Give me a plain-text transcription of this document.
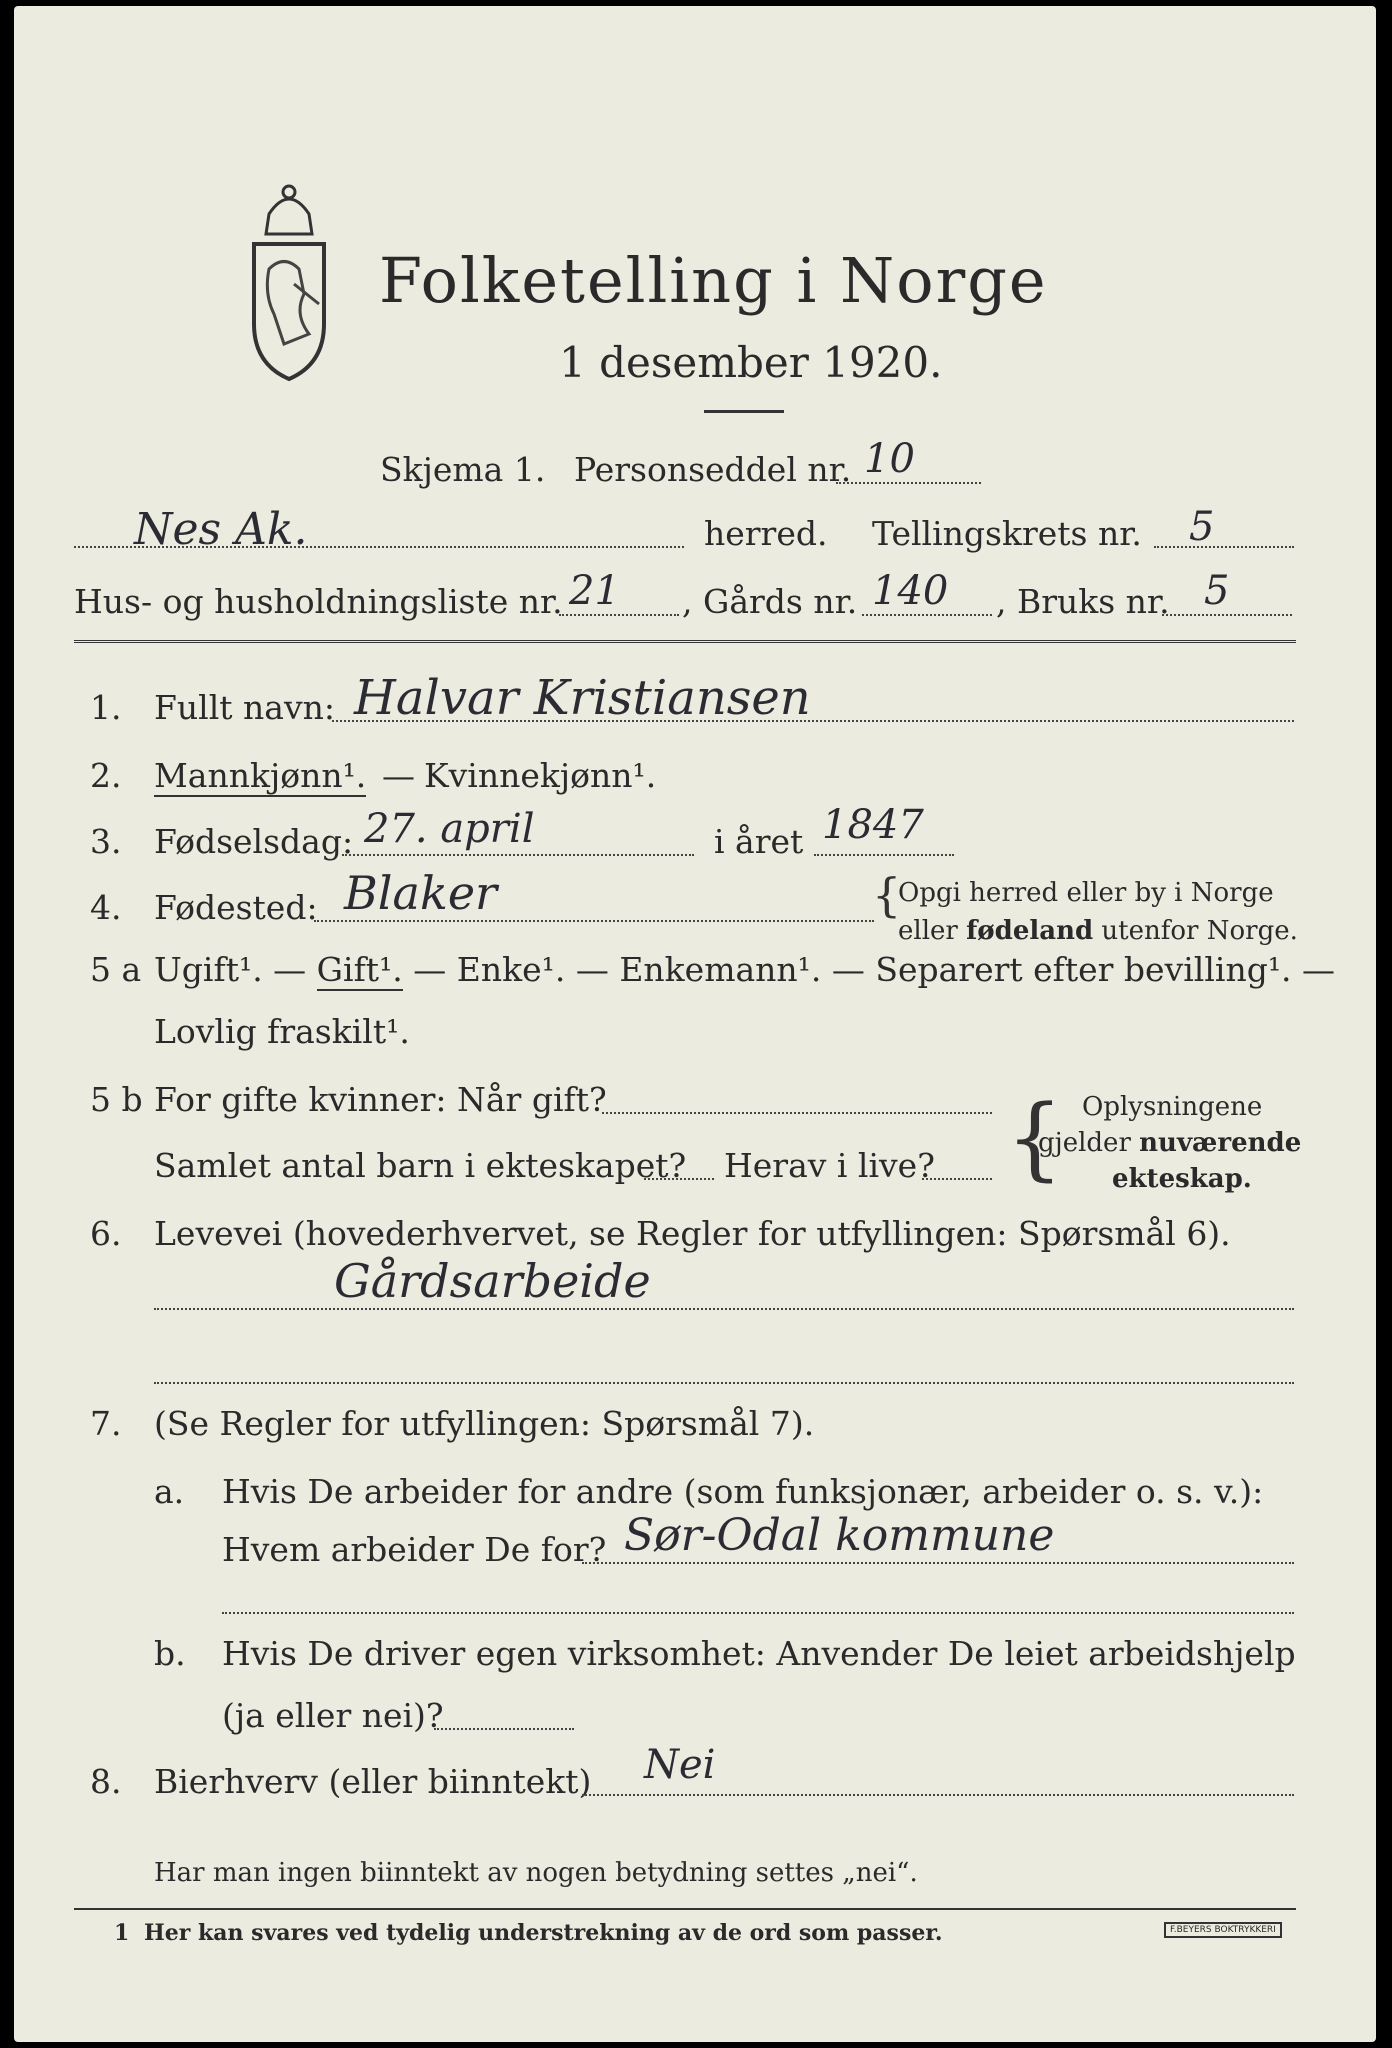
Folketelling i Norge
1 desember 1920.
Skjema 1. Personseddel nr. 10
Nes Ak.	herred. Tellingskrets nr. 5
Hus- og husholdningsliste nr. 21 , Gårds nr. 140 , Bruks nr. 5
1. Fullt navn: Halvar Kristiansen
2. Mannkjønn¹. — Kvinnekjønn¹.
3. Fødselsdag: 27. april	i året 1847
4. Fødested: Blaker	{
Opgi herred eller by i Norge
eller fødeland utenfor Norge.
5 a Ugift¹. — Gift¹. — Enke¹. — Enkemann¹. — Separert efter bevilling¹. —
Lovlig fraskilt¹.
5 b For gifte kvinner: Når gift?
Samlet antal barn i ekteskapet? Herav i live? { Oplysningene
gjelder nuværende
ekteskap.
6. Levevei (hovederhvervet, se Regler for utfyllingen: Spørsmål 6).
Gårdsarbeide
7. (Se Regler for utfyllingen: Spørsmål 7).
a. Hvis De arbeider for andre (som funksjonær, arbeider o. s. v.):
Hvem arbeider De for? Sør-Odal kommune
b. Hvis De driver egen virksomhet: Anvender De leiet arbeidshjelp
(ja eller nei)?
8. Bierhverv (eller biinntekt) Nei
Har man ingen biinntekt av nogen betydning settes „nei“.
1 Her kan svares ved tydelig understrekning av de ord som passer.	F.BEYERS BOKTRYKKERI
